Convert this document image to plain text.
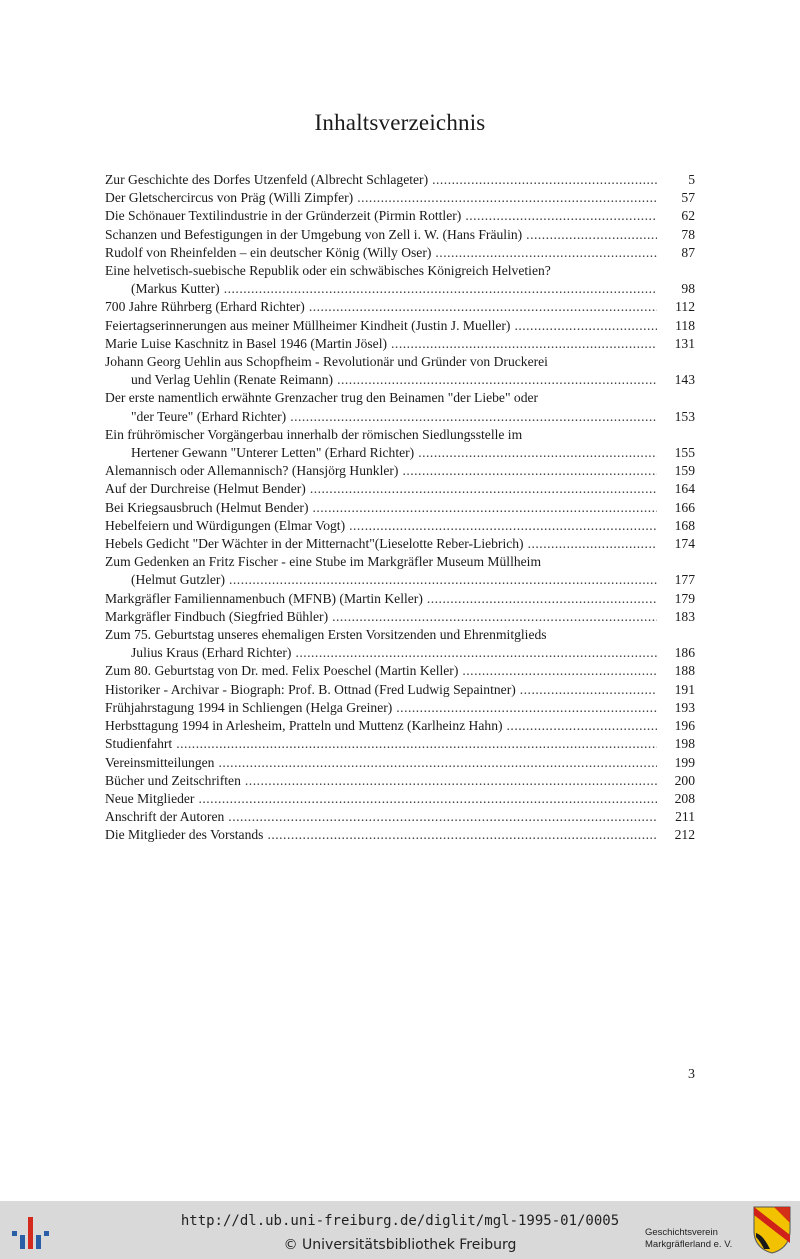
Inhaltsverzeichnis
Zur Geschichte des Dorfes Utzenfeld (Albrecht Schlageter) .....	5
Der Gletschercircus von Präg (Willi Zimpfer) .....	57
Die Schönauer Textilindustrie in der Gründerzeit (Pirmin Rottler) .....	62
Schanzen und Befestigungen in der Umgebung von Zell i. W. (Hans Fräulin) .....	78
Rudolf von Rheinfelden – ein deutscher König (Willy Oser) .....	87
Eine helvetisch-suebische Republik oder ein schwäbisches Königreich Helvetien?
(Markus Kutter) .....	98
700 Jahre Rührberg (Erhard Richter) .....	112
Feiertagserinnerungen aus meiner Müllheimer Kindheit (Justin J. Mueller) .....	118
Marie Luise Kaschnitz in Basel 1946 (Martin Jösel) .....	131
Johann Georg Uehlin aus Schopfheim - Revolutionär und Gründer von Druckerei
und Verlag Uehlin (Renate Reimann) .....	143
Der erste namentlich erwähnte Grenzacher trug den Beinamen "der Liebe" oder
"der Teure" (Erhard Richter) .....	153
Ein frührömischer Vorgängerbau innerhalb der römischen Siedlungsstelle im
Hertener Gewann "Unterer Letten" (Erhard Richter) .....	155
Alemannisch oder Allemannisch? (Hansjörg Hunkler) .....	159
Auf der Durchreise (Helmut Bender) .....	164
Bei Kriegsausbruch (Helmut Bender) .....	166
Hebelfeiern und Würdigungen (Elmar Vogt) .....	168
Hebels Gedicht "Der Wächter in der Mitternacht"(Lieselotte Reber-Liebrich) .....	174
Zum Gedenken an Fritz Fischer - eine Stube im Markgräfler Museum Müllheim
(Helmut Gutzler) .....	177
Markgräfler Familiennamenbuch (MFNB) (Martin Keller) .....	179
Markgräfler Findbuch (Siegfried Bühler) .....	183
Zum 75. Geburtstag unseres ehemaligen Ersten Vorsitzenden und Ehrenmitglieds
Julius Kraus (Erhard Richter) .....	186
Zum 80. Geburtstag von Dr. med. Felix Poeschel (Martin Keller) .....	188
Historiker - Archivar - Biograph: Prof. B. Ottnad (Fred Ludwig Sepaintner) .....	191
Frühjahrstagung 1994 in Schliengen (Helga Greiner) .....	193
Herbsttagung 1994 in Arlesheim, Pratteln und Muttenz (Karlheinz Hahn) .....	196
Studienfahrt .....	198
Vereinsmitteilungen .....	199
Bücher und Zeitschriften .....	200
Neue Mitglieder .....	208
Anschrift der Autoren .....	211
Die Mitglieder des Vorstands .....	212
3
http://dl.ub.uni-freiburg.de/diglit/mgl-1995-01/0005
© Universitätsbibliothek Freiburg
Geschichtsverein
Markgräflerland e. V.
